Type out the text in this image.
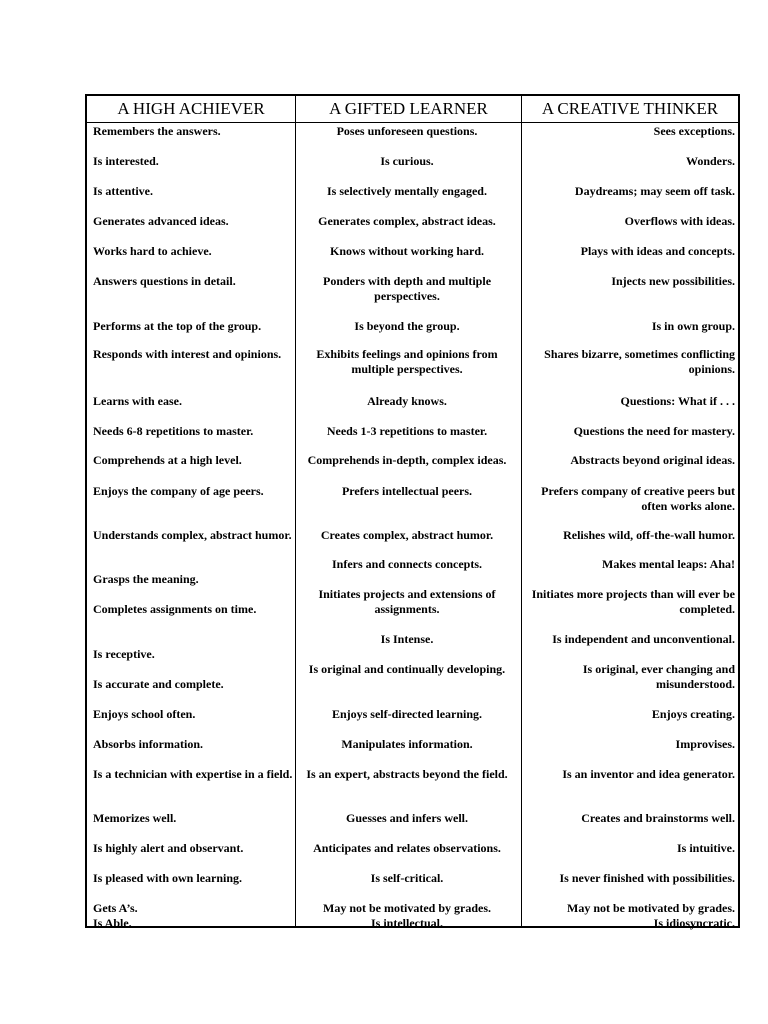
A HIGH ACHIEVER	A GIFTED LEARNER	A CREATIVE THINKER
Remembers the answers.
Is interested.
Is attentive.
Generates advanced ideas.
Works hard to achieve.
Answers questions in detail.
Performs at the top of the group.
Responds with interest and opinions.
Learns with ease.
Needs 6-8 repetitions to master.
Comprehends at a high level.
Enjoys the company of age peers.
Understands complex, abstract humor.
Grasps the meaning.
Completes assignments on time.
Is receptive.
Is accurate and complete.
Enjoys school often.
Absorbs information.
Is a technician with expertise in a field.
Memorizes well.
Is highly alert and observant.
Is pleased with own learning.
Gets A’s.
Is Able.
Poses unforeseen questions.
Is curious.
Is selectively mentally engaged.
Generates complex, abstract ideas.
Knows without working hard.
Ponders with depth and multiple perspectives.
Is beyond the group.
Exhibits feelings and opinions from multiple perspectives.
Already knows.
Needs 1-3 repetitions to master.
Comprehends in-depth, complex ideas.
Prefers intellectual peers.
Creates complex, abstract humor.
Infers and connects concepts.
Initiates projects and extensions of assignments.
Is Intense.
Is original and continually developing.
Enjoys self-directed learning.
Manipulates information.
Is an expert, abstracts beyond the field.
Guesses and infers well.
Anticipates and relates observations.
Is self-critical.
May not be motivated by grades.
Is intellectual.
Sees exceptions.
Wonders.
Daydreams; may seem off task.
Overflows with ideas.
Plays with ideas and concepts.
Injects new possibilities.
Is in own group.
Shares bizarre, sometimes conflicting opinions.
Questions: What if . . .
Questions the need for mastery.
Abstracts beyond original ideas.
Prefers company of creative peers but often works alone.
Relishes wild, off-the-wall humor.
Makes mental leaps: Aha!
Initiates more projects than will ever be completed.
Is independent and unconventional.
Is original, ever changing and misunderstood.
Enjoys creating.
Improvises.
Is an inventor and idea generator.
Creates and brainstorms well.
Is intuitive.
Is never finished with possibilities.
May not be motivated by grades.
Is idiosyncratic.
